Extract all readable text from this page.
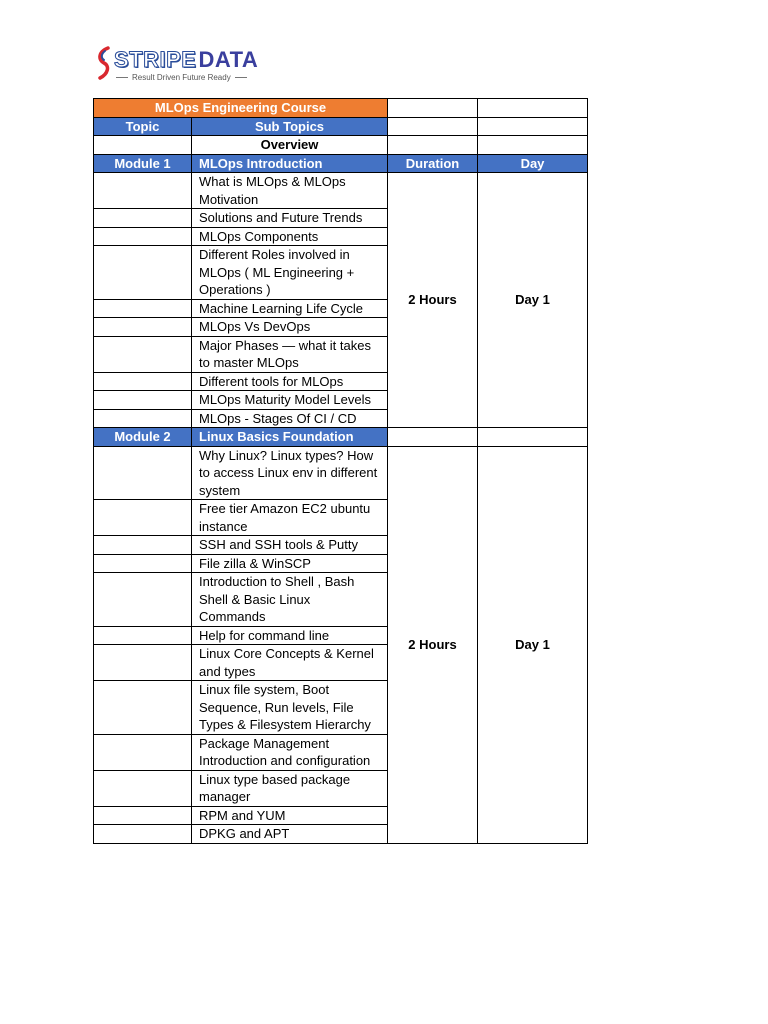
STRIPE DATA
Result Driven Future Ready
MLOps Engineering Course			
Topic	Sub Topics		
	Overview		
Module 1	MLOps Introduction	Duration	Day
	What is MLOps & MLOps Motivation	2 Hours	Day 1
	Solutions and Future Trends		
	MLOps Components		
	Different Roles involved in MLOps ( ML Engineering + Operations )		
	Machine Learning Life Cycle		
	MLOps Vs DevOps		
	Major Phases — what it takes to master MLOps		
	Different tools for MLOps		
	MLOps Maturity Model Levels		
	MLOps - Stages Of CI / CD		
Module 2	Linux Basics Foundation		
	Why Linux? Linux types? How to access Linux env in different system	2 Hours	Day 1
	Free tier Amazon EC2 ubuntu instance		
	SSH and SSH tools & Putty		
	File zilla & WinSCP		
	Introduction to Shell , Bash Shell & Basic Linux Commands		
	Help for command line		
	Linux Core Concepts & Kernel and types		
	Linux file system, Boot Sequence, Run levels, File Types & Filesystem Hierarchy		
	Package Management Introduction and configuration		
	Linux type based package manager		
	RPM and YUM		
	DPKG and APT		
